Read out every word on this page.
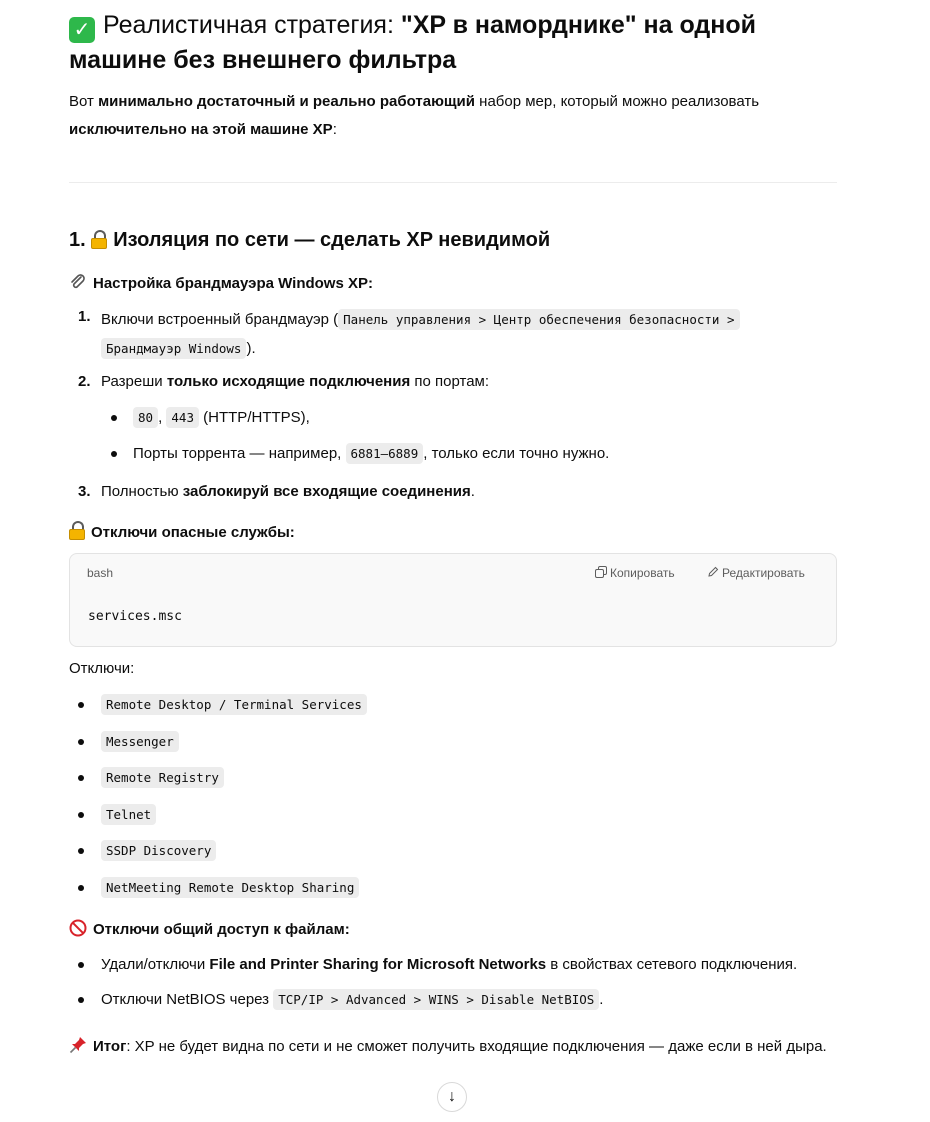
✓ Реалистичная стратегия: "XP в наморднике" на одной машине без внешнего фильтра
Вот минимально достаточный и реально работающий набор мер, который можно реализовать
исключительно на этой машине XP:
1.
Изоляция по сети — сделать XP невидимой
Настройка брандмауэра Windows XP:
1. Включи встроенный брандмауэр ( Панель управления > Центр обеспечения безопасности >
Брандмауэр Windows ).
2. Разреши только исходящие подключения по портам:
80 , 443 (HTTP/HTTPS),
Порты торрента — например, 6881–6889 , только если точно нужно.
3. Полностью заблокируй все входящие соединения.
Отключи опасные службы:
bash	Копировать	Редактировать
services.msc
Отключи:
Remote Desktop / Terminal Services
Messenger
Remote Registry
Telnet
SSDP Discovery
NetMeeting Remote Desktop Sharing
Отключи общий доступ к файлам:
Удали/отключи File and Printer Sharing for Microsoft Networks в свойствах сетевого подключения.
Отключи NetBIOS через TCP/IP > Advanced > WINS > Disable NetBIOS .
Итог: XP не будет видна по сети и не сможет получить входящие подключения — даже если в ней дыра.
↓
